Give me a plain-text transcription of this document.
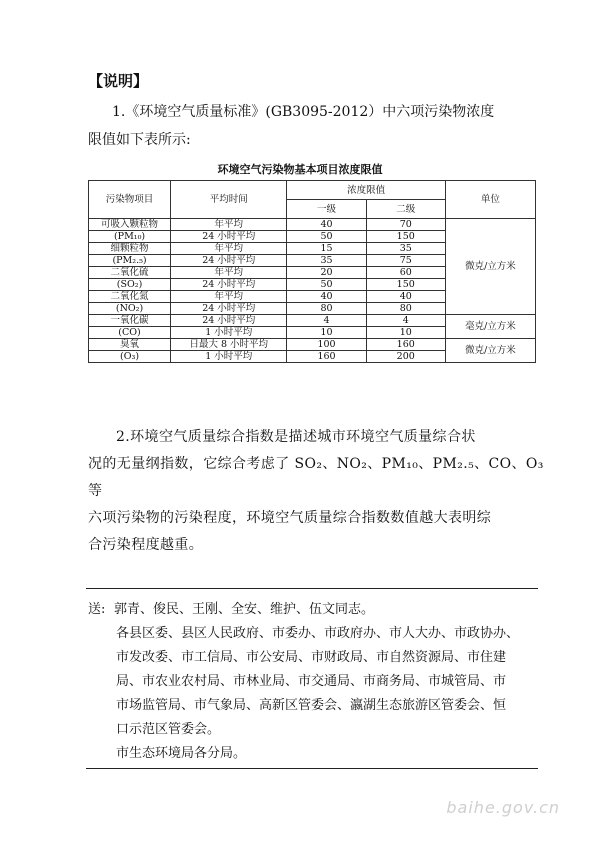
【说明】
1.《环境空气质量标准》(GB3095-2012）中六项污染物浓度
限值如下表所示:
环境空气污染物基本项目浓度限值
污染物项目	平均时间	浓度限值		单位
		一级	二级	
可吸入颗粒物	年平均	40	70	微克/立方米
(PM₁₀)	24 小时平均	50	150	
细颗粒物	年平均	15	35	
(PM₂.₅)	24 小时平均	35	75	
二氧化硫	年平均	20	60	
(SO₂)	24 小时平均	50	150	
二氧化氮	年平均	40	40	
(NO₂)	24 小时平均	80	80	
一氧化碳	24 小时平均	4	4	毫克/立方米
(CO)	1 小时平均	10	10	
臭氧	日最大 8 小时平均	100	160	微克/立方米
(O₃)	1 小时平均	160	200	
2.环境空气质量综合指数是描述城市环境空气质量综合状
况的无量纲指数，它综合考虑了 SO₂、NO₂、PM₁₀、PM₂.₅、CO、O₃等
六项污染物的污染程度，环境空气质量综合指数数值越大表明综
合污染程度越重。
送: 郭青、俊民、王刚、全安、维护、伍文同志。
各县区委、县区人民政府、市委办、市政府办、市人大办、市政协办、
市发改委、市工信局、市公安局、市财政局、市自然资源局、市住建
局、市农业农村局、市林业局、市交通局、市商务局、市城管局、市
市场监管局、市气象局、高新区管委会、瀛湖生态旅游区管委会、恒
口示范区管委会。
市生态环境局各分局。
baihe.gov.cn
